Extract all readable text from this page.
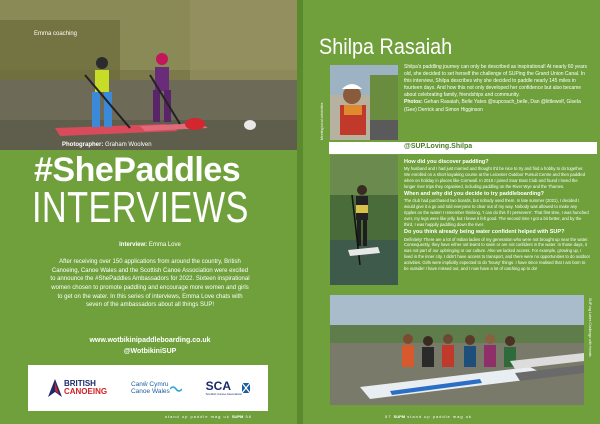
Emma coaching
Photographer: Graham Woolven
#ShePaddles
INTERVIEWS
Interview: Emma Love
After receiving over 150 applications from around the country, British Canoeing, Canoe Wales and the Scottish Canoe Association were excited to announce the #ShePaddles Ambassadors for 2022. Sixteen inspirational women chosen to promote paddling and encourage more women and girls to get on the water. In this series of interviews, Emma Love chats with seven of the ambassadors about all things SUP!
www.wotbikinipaddleboarding.co.uk
@WotbikiniSUP
BRITISH
CANOEING
Canŵ Cymru
Canoe Wales	SCA
Scottish Canoe Association
stand up paddle mag uk SUPM 56
Shilpa Rasaiah
Meeting local celebrities
Shilpa's paddling journey can only be described as inspirational! At nearly 60 years old, she decided to set herself the challenge of SUPing the Grand Union Canal. In this interview, Shilpa describes why she decided to paddle nearly 145 miles in fourteen days. And how this not only developed her confidence but also became about celebrating family, friendships and community.
Photos: Gehan Rasaiah, Belle Yates @supcoach_belle, Dan @littlewolf, Gisela (Gee) Derrick and Simon Higginson
@SUP.Loving.Shilpa
How did you discover paddling?
My husband and I had just married and thought it'd be nice to try and find a hobby to do together. We enrolled on a short kayaking course at the Leicester Outdoor Pursuit Centre and then paddled when on holiday in places like Cornwall. In 2015 I joined Soar Boat Club and found I loved the longer river trips they organised, including paddling on the River Wye and the Thames.
When and why did you decide to try paddleboarding?
The club had purchased two boards, but nobody used them. In late summer (2021), I decided I would give it a go and told everyone to clear out of my way. Nobody was allowed to make any ripples on the water! I remember thinking, 'I can do this if I persevere'. That first time, I was hunched over, my legs were like jelly, but I knew it felt good. The second time I got a bit better, and by the third, I was happily paddling down the river.
Do you think already being water confident helped with SUP?
Definitely! There are a lot of Indian ladies of my generation who were not brought up near the water. Consequently, they have either not learnt to swim or are not confident in the water. In those days, it was not part of our upbringing or our culture. Also we lacked access. For example, growing up, I lived in the inner city. I didn't have access to transport, and there were no opportunities to do outdoor activities. Girls were implicitly expected to do 'housy' things. I have since realised that I am born to be outside! I have missed out, and I now have a lot of catching up to do!
SUP-ing Lakes Challenge with friends
57 SUPM stand up paddle mag uk
